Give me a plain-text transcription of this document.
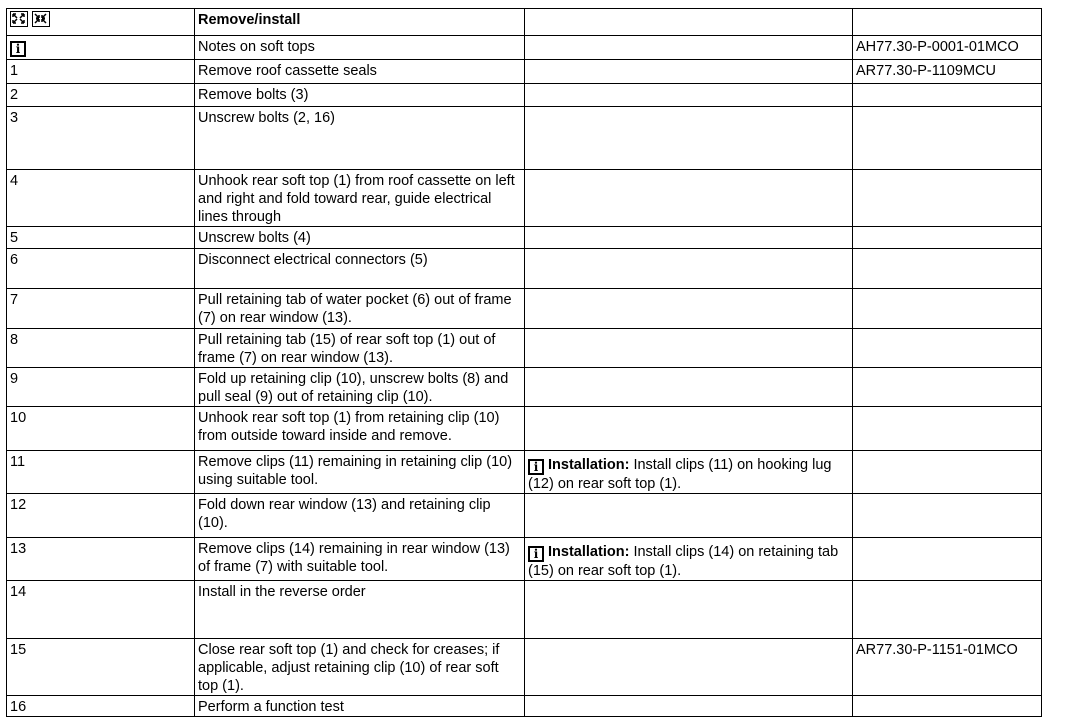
	Remove/install		
i	Notes on soft tops		AH77.30-P-0001-01MCO
1	Remove roof cassette seals		AR77.30-P-1109MCU
2	Remove bolts (3)		
3	Unscrew bolts (2, 16)		
4	Unhook rear soft top (1) from roof cassette on left and right and fold toward rear, guide electrical lines through		
5	Unscrew bolts (4)		
6	Disconnect electrical connectors (5)		
7	Pull retaining tab of water pocket (6) out of frame (7) on rear window (13).		
8	Pull retaining tab (15) of rear soft top (1) out of frame (7) on rear window (13).		
9	Fold up retaining clip (10), unscrew bolts (8) and pull seal (9) out of retaining clip (10).		
10	Unhook rear soft top (1) from retaining clip (10) from outside toward inside and remove.		
11	Remove clips (11) remaining in retaining clip (10) using suitable tool.	i Installation: Install clips (11) on hooking lug (12) on rear soft top (1).	
12	Fold down rear window (13) and retaining clip (10).		
13	Remove clips (14) remaining in rear window (13) of frame (7) with suitable tool.	i Installation: Install clips (14) on retaining tab (15) on rear soft top (1).	
14	Install in the reverse order		
15	Close rear soft top (1) and check for creases; if applicable, adjust retaining clip (10) of rear soft top (1).		AR77.30-P-1151-01MCO
16	Perform a function test		
